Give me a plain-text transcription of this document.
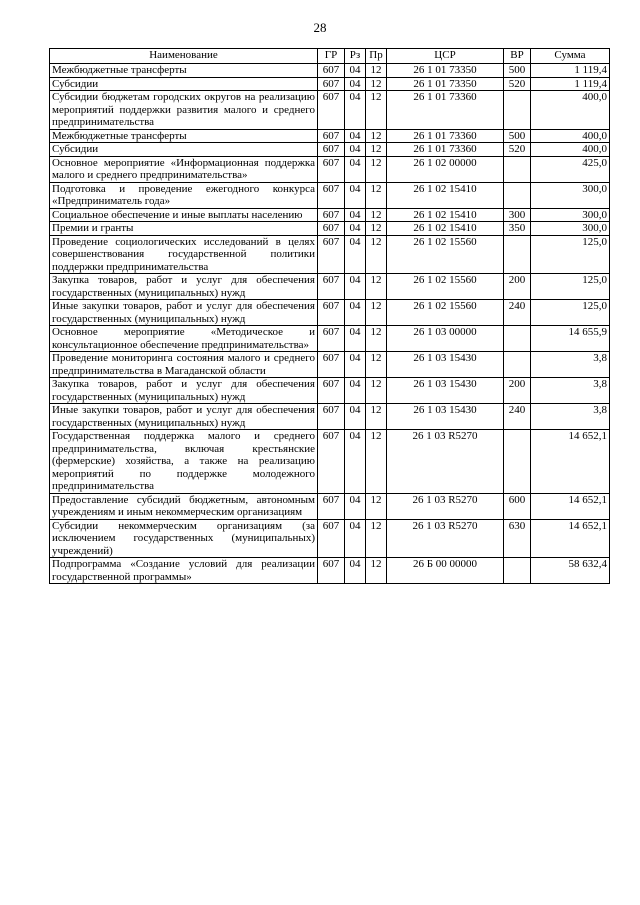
28
Наименование	ГР	Рз	Пр	ЦСР	ВР	Сумма
Межбюджетные трансферты	607	04	12	26 1 01 73350	500	1 119,4
Субсидии	607	04	12	26 1 01 73350	520	1 119,4
Субсидии бюджетам городских округов на реализацию мероприятий поддержки развития малого и среднего предпринимательства	607	04	12	26 1 01 73360		400,0
Межбюджетные трансферты	607	04	12	26 1 01 73360	500	400,0
Субсидии	607	04	12	26 1 01 73360	520	400,0
Основное мероприятие «Информационная поддержка малого и среднего предпринимательства»	607	04	12	26 1 02 00000		425,0
Подготовка и проведение ежегодного конкурса «Предприниматель года»	607	04	12	26 1 02 15410		300,0
Социальное обеспечение и иные выплаты населению	607	04	12	26 1 02 15410	300	300,0
Премии и гранты	607	04	12	26 1 02 15410	350	300,0
Проведение социологических исследований в целях совершенствования государственной политики поддержки предпринимательства	607	04	12	26 1 02 15560		125,0
Закупка товаров, работ и услуг для обеспечения государственных (муниципальных) нужд	607	04	12	26 1 02 15560	200	125,0
Иные закупки товаров, работ и услуг для обеспечения государственных (муниципальных) нужд	607	04	12	26 1 02 15560	240	125,0
Основное мероприятие «Методическое и консультационное обеспечение предпринимательства»	607	04	12	26 1 03 00000		14 655,9
Проведение мониторинга состояния малого и среднего предпринимательства в Магаданской области	607	04	12	26 1 03 15430		3,8
Закупка товаров, работ и услуг для обеспечения государственных (муниципальных) нужд	607	04	12	26 1 03 15430	200	3,8
Иные закупки товаров, работ и услуг для обеспечения государственных (муниципальных) нужд	607	04	12	26 1 03 15430	240	3,8
Государственная поддержка малого и среднего предпринимательства, включая крестьянские (фермерские) хозяйства, а также на реализацию мероприятий по поддержке молодежного предпринимательства	607	04	12	26 1 03 R5270		14 652,1
Предоставление субсидий бюджетным, автономным учреждениям и иным некоммерческим организациям	607	04	12	26 1 03 R5270	600	14 652,1
Субсидии некоммерческим организациям (за исключением государственных (муниципальных) учреждений)	607	04	12	26 1 03 R5270	630	14 652,1
Подпрограмма «Создание условий для реализации государственной программы»	607	04	12	26 Б 00 00000		58 632,4
